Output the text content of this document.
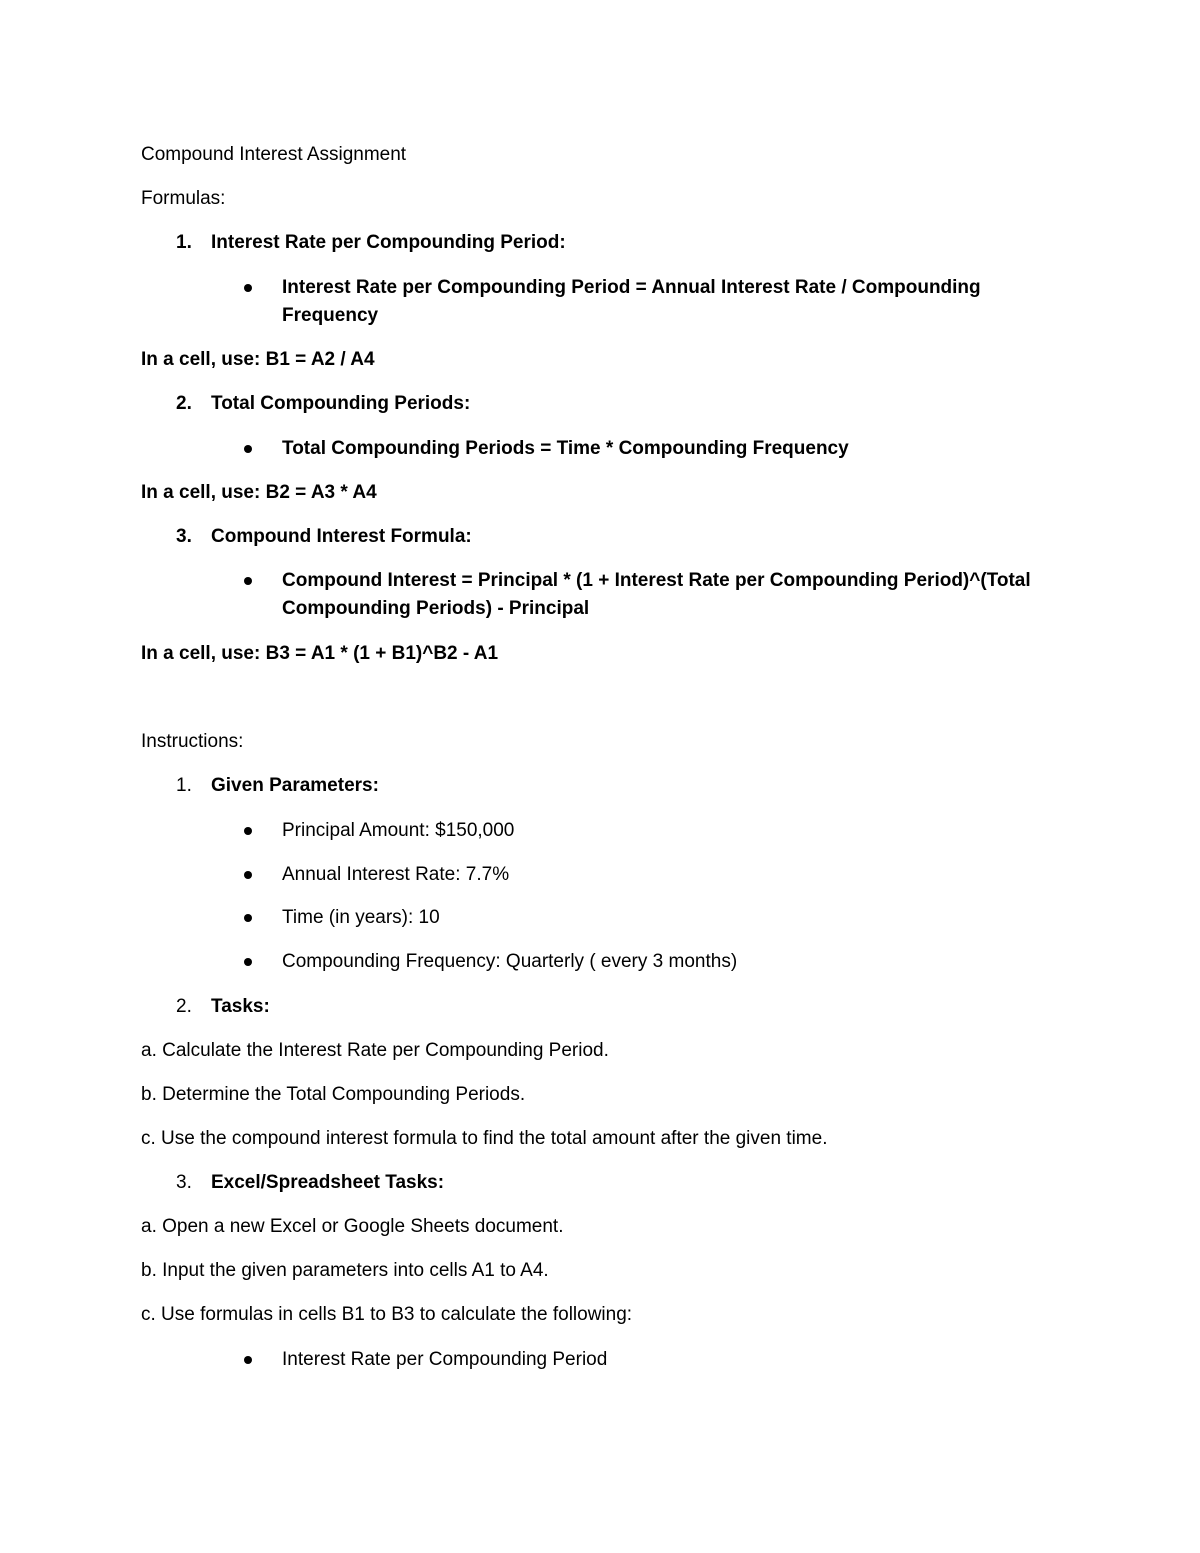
Compound Interest Assignment
Formulas:
1. Interest Rate per Compounding Period:
Interest Rate per Compounding Period = Annual Interest Rate / Compounding Frequency
In a cell, use: B1 = A2 / A4
2. Total Compounding Periods:
Total Compounding Periods = Time * Compounding Frequency
In a cell, use: B2 = A3 * A4
3. Compound Interest Formula:
Compound Interest = Principal * (1 + Interest Rate per Compounding Period)^(Total Compounding Periods) - Principal
In a cell, use: B3 = A1 * (1 + B1)^B2 - A1
Instructions:
1. Given Parameters:
Principal Amount: $150,000
Annual Interest Rate: 7.7%
Time (in years): 10
Compounding Frequency: Quarterly ( every 3 months)
2. Tasks:
a. Calculate the Interest Rate per Compounding Period.
b. Determine the Total Compounding Periods.
c. Use the compound interest formula to find the total amount after the given time.
3. Excel/Spreadsheet Tasks:
a. Open a new Excel or Google Sheets document.
b. Input the given parameters into cells A1 to A4.
c. Use formulas in cells B1 to B3 to calculate the following:
Interest Rate per Compounding Period
